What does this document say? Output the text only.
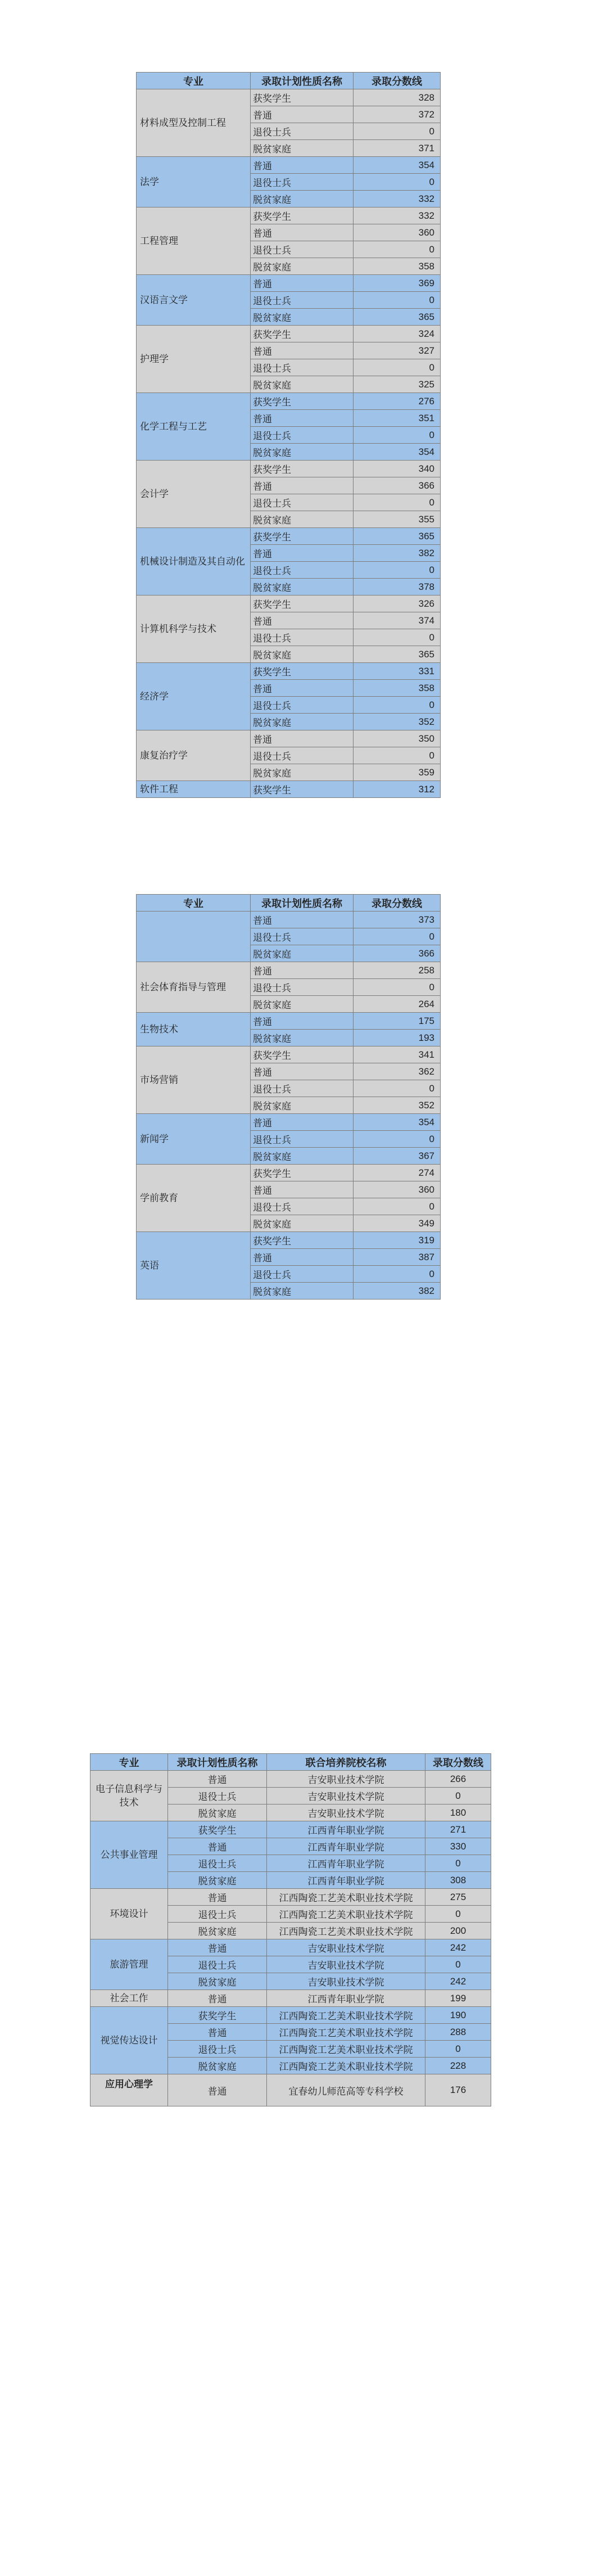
专业	录取计划性质名称	录取分数线
材料成型及控制工程	获奖学生	328
	普通	372
	退役士兵	0
	脱贫家庭	371
法学	普通	354
	退役士兵	0
	脱贫家庭	332
工程管理	获奖学生	332
	普通	360
	退役士兵	0
	脱贫家庭	358
汉语言文学	普通	369
	退役士兵	0
	脱贫家庭	365
护理学	获奖学生	324
	普通	327
	退役士兵	0
	脱贫家庭	325
化学工程与工艺	获奖学生	276
	普通	351
	退役士兵	0
	脱贫家庭	354
会计学	获奖学生	340
	普通	366
	退役士兵	0
	脱贫家庭	355
机械设计制造及其自动化	获奖学生	365
	普通	382
	退役士兵	0
	脱贫家庭	378
计算机科学与技术	获奖学生	326
	普通	374
	退役士兵	0
	脱贫家庭	365
经济学	获奖学生	331
	普通	358
	退役士兵	0
	脱贫家庭	352
康复治疗学	普通	350
	退役士兵	0
	脱贫家庭	359
软件工程	获奖学生	312
专业	录取计划性质名称	录取分数线
	普通	373
	退役士兵	0
	脱贫家庭	366
社会体育指导与管理	普通	258
	退役士兵	0
	脱贫家庭	264
生物技术	普通	175
	脱贫家庭	193
市场营销	获奖学生	341
	普通	362
	退役士兵	0
	脱贫家庭	352
新闻学	普通	354
	退役士兵	0
	脱贫家庭	367
学前教育	获奖学生	274
	普通	360
	退役士兵	0
	脱贫家庭	349
英语	获奖学生	319
	普通	387
	退役士兵	0
	脱贫家庭	382
专业	录取计划性质名称	联合培养院校名称	录取分数线
电子信息科学与技术	普通	吉安职业技术学院	266
	退役士兵	吉安职业技术学院	0
	脱贫家庭	吉安职业技术学院	180
公共事业管理	获奖学生	江西青年职业学院	271
	普通	江西青年职业学院	330
	退役士兵	江西青年职业学院	0
	脱贫家庭	江西青年职业学院	308
环境设计	普通	江西陶瓷工艺美术职业技术学院	275
	退役士兵	江西陶瓷工艺美术职业技术学院	0
	脱贫家庭	江西陶瓷工艺美术职业技术学院	200
旅游管理	普通	吉安职业技术学院	242
	退役士兵	吉安职业技术学院	0
	脱贫家庭	吉安职业技术学院	242
社会工作	普通	江西青年职业学院	199
视觉传达设计	获奖学生	江西陶瓷工艺美术职业技术学院	190
	普通	江西陶瓷工艺美术职业技术学院	288
	退役士兵	江西陶瓷工艺美术职业技术学院	0
	脱贫家庭	江西陶瓷工艺美术职业技术学院	228
应用心理学	普通	宜春幼儿师范高等专科学校	176
